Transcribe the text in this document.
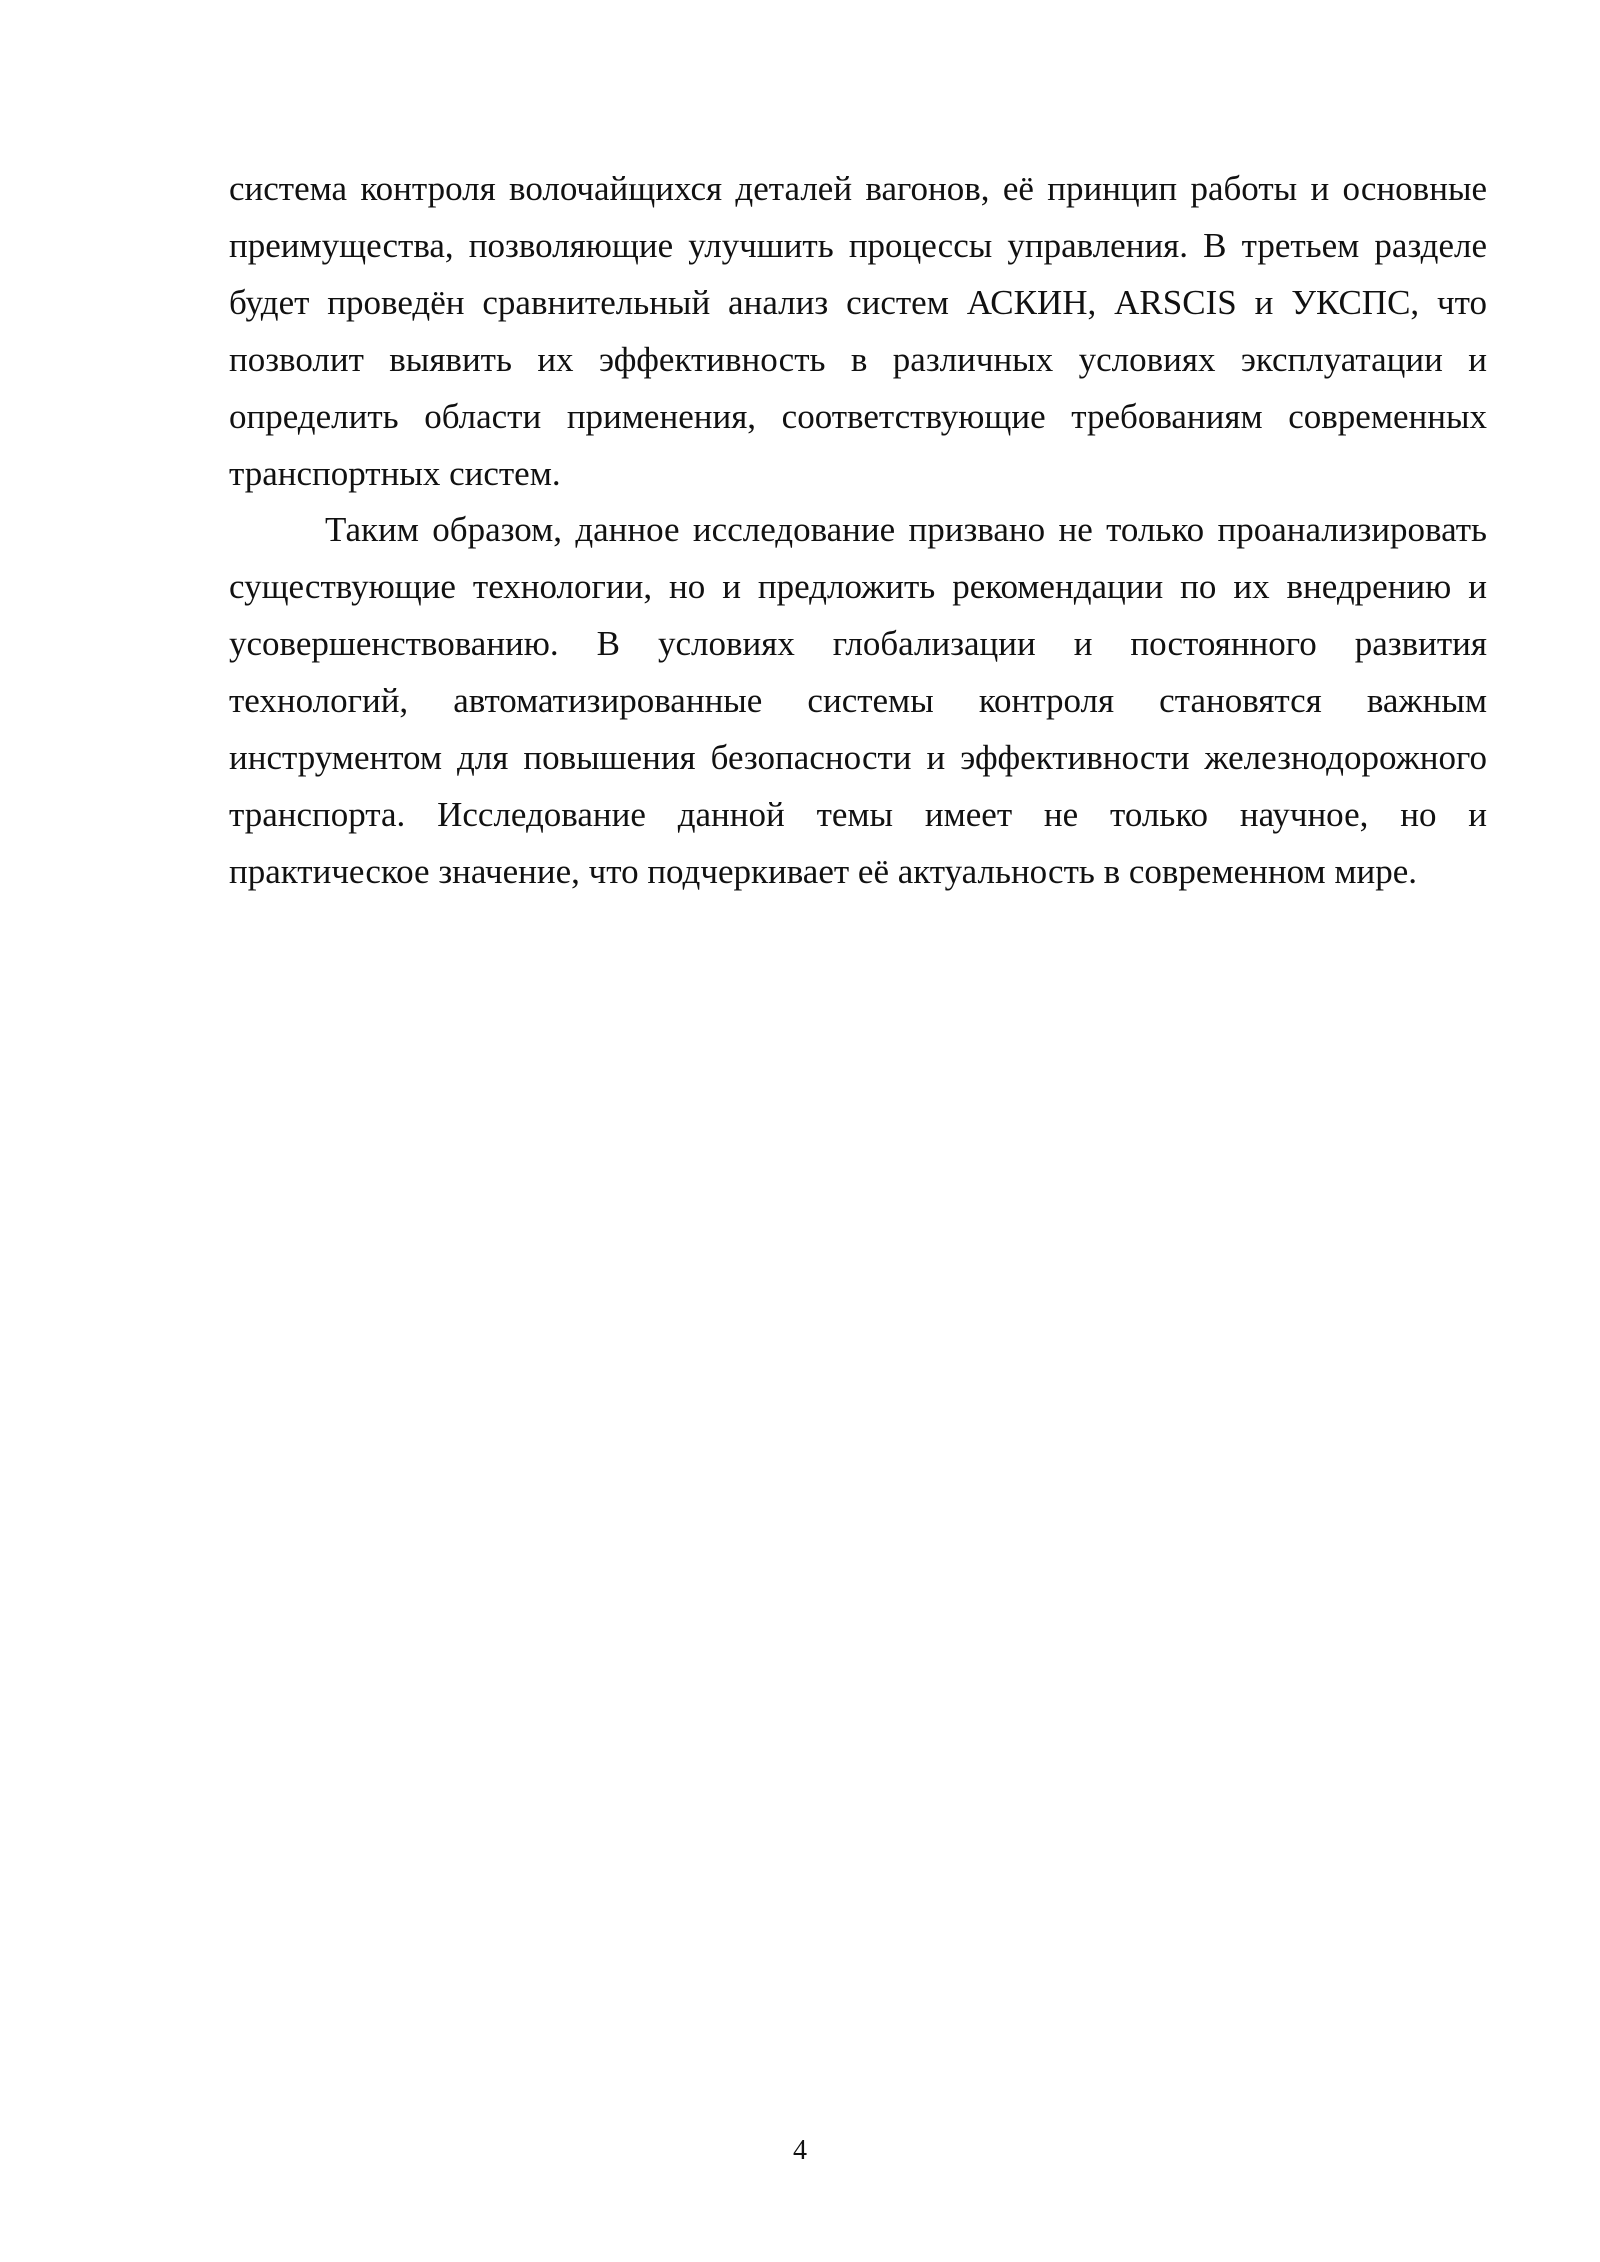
система контроля волочайщихся деталей вагонов, её принцип работы и основные преимущества, позволяющие улучшить процессы управления. В третьем разделе будет проведён сравнительный анализ систем АСКИН, ARSCIS и УКСПС, что позволит выявить их эффективность в различных условиях эксплуатации и определить области применения, соответствующие требованиям современных транспортных систем.

Таким образом, данное исследование призвано не только проанализировать существующие технологии, но и предложить рекомендации по их внедрению и усовершенствованию. В условиях глобализации и постоянного развития технологий, автоматизированные системы контроля становятся важным инструментом для повышения безопасности и эффективности железнодорожного транспорта. Исследование данной темы имеет не только научное, но и практическое значение, что подчеркивает её актуальность в современном мире.

4
